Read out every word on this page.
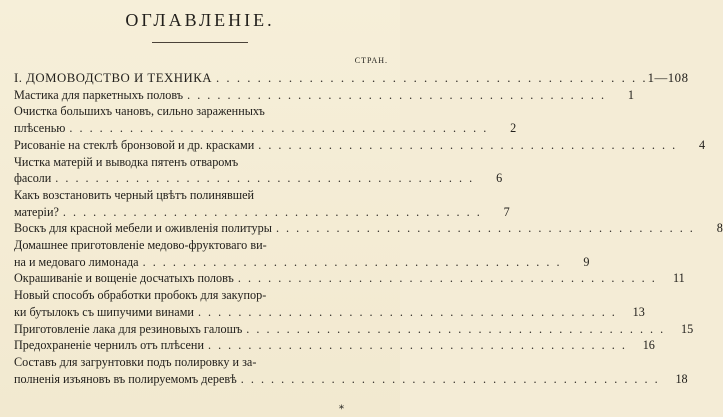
ОГЛАВЛЕНІЕ.
СТРАН.
I. ДОМОВОДСТВО И ТЕХНИКА . . . . . . . . . . . . . . . . . . . . . . . . . . . . . . . . . . . . . . . . . . 1—108
Мастика для паркетныхъ половъ . . . . . . . . . . . . . . . . . . . . . . . . . . . . . . . . . . . . . . . . . .	1
Очистка большихъ чановъ, сильно зараженныхъ
плѣсенью . . . . . . . . . . . . . . . . . . . . . . . . . . . . . . . . . . . . . . . . . .	2
Рисованіе на стеклѣ бронзовой и др. красками . . . . . . . . . . . . . . . . . . . . . . . . . . . . . . . . . . . . . . . . . .	4
Чистка матерій и выводка пятенъ отваромъ
фасоли . . . . . . . . . . . . . . . . . . . . . . . . . . . . . . . . . . . . . . . . . .	6
Какъ возстановить черный цвѣтъ полинявшей
матеріи? . . . . . . . . . . . . . . . . . . . . . . . . . . . . . . . . . . . . . . . . . .	7
Воскъ для красной мебели и оживленія политуры . . . . . . . . . . . . . . . . . . . . . . . . . . . . . . . . . . . . . . . . . .	8
Домашнее приготовленіе медово-фруктоваго ви-
на и медоваго лимонада . . . . . . . . . . . . . . . . . . . . . . . . . . . . . . . . . . . . . . . . . .	9
Окрашиваніе и вощеніе досчатыхъ половъ . . . . . . . . . . . . . . . . . . . . . . . . . . . . . . . . . . . . . . . . . .	11
Новый способъ обработки пробокъ для закупор-
ки бутылокъ съ шипучими винами . . . . . . . . . . . . . . . . . . . . . . . . . . . . . . . . . . . . . . . . . .	13
Приготовленіе лака для резиновыхъ галошъ . . . . . . . . . . . . . . . . . . . . . . . . . . . . . . . . . . . . . . . . . .	15
Предохраненіе чернилъ отъ плѣсени . . . . . . . . . . . . . . . . . . . . . . . . . . . . . . . . . . . . . . . . . .	16
Составъ для загрунтовки подъ полировку и за-
полненія изъяновъ въ полируемомъ деревѣ . . . . . . . . . . . . . . . . . . . . . . . . . . . . . . . . . . . . . . . . . .	18
*
